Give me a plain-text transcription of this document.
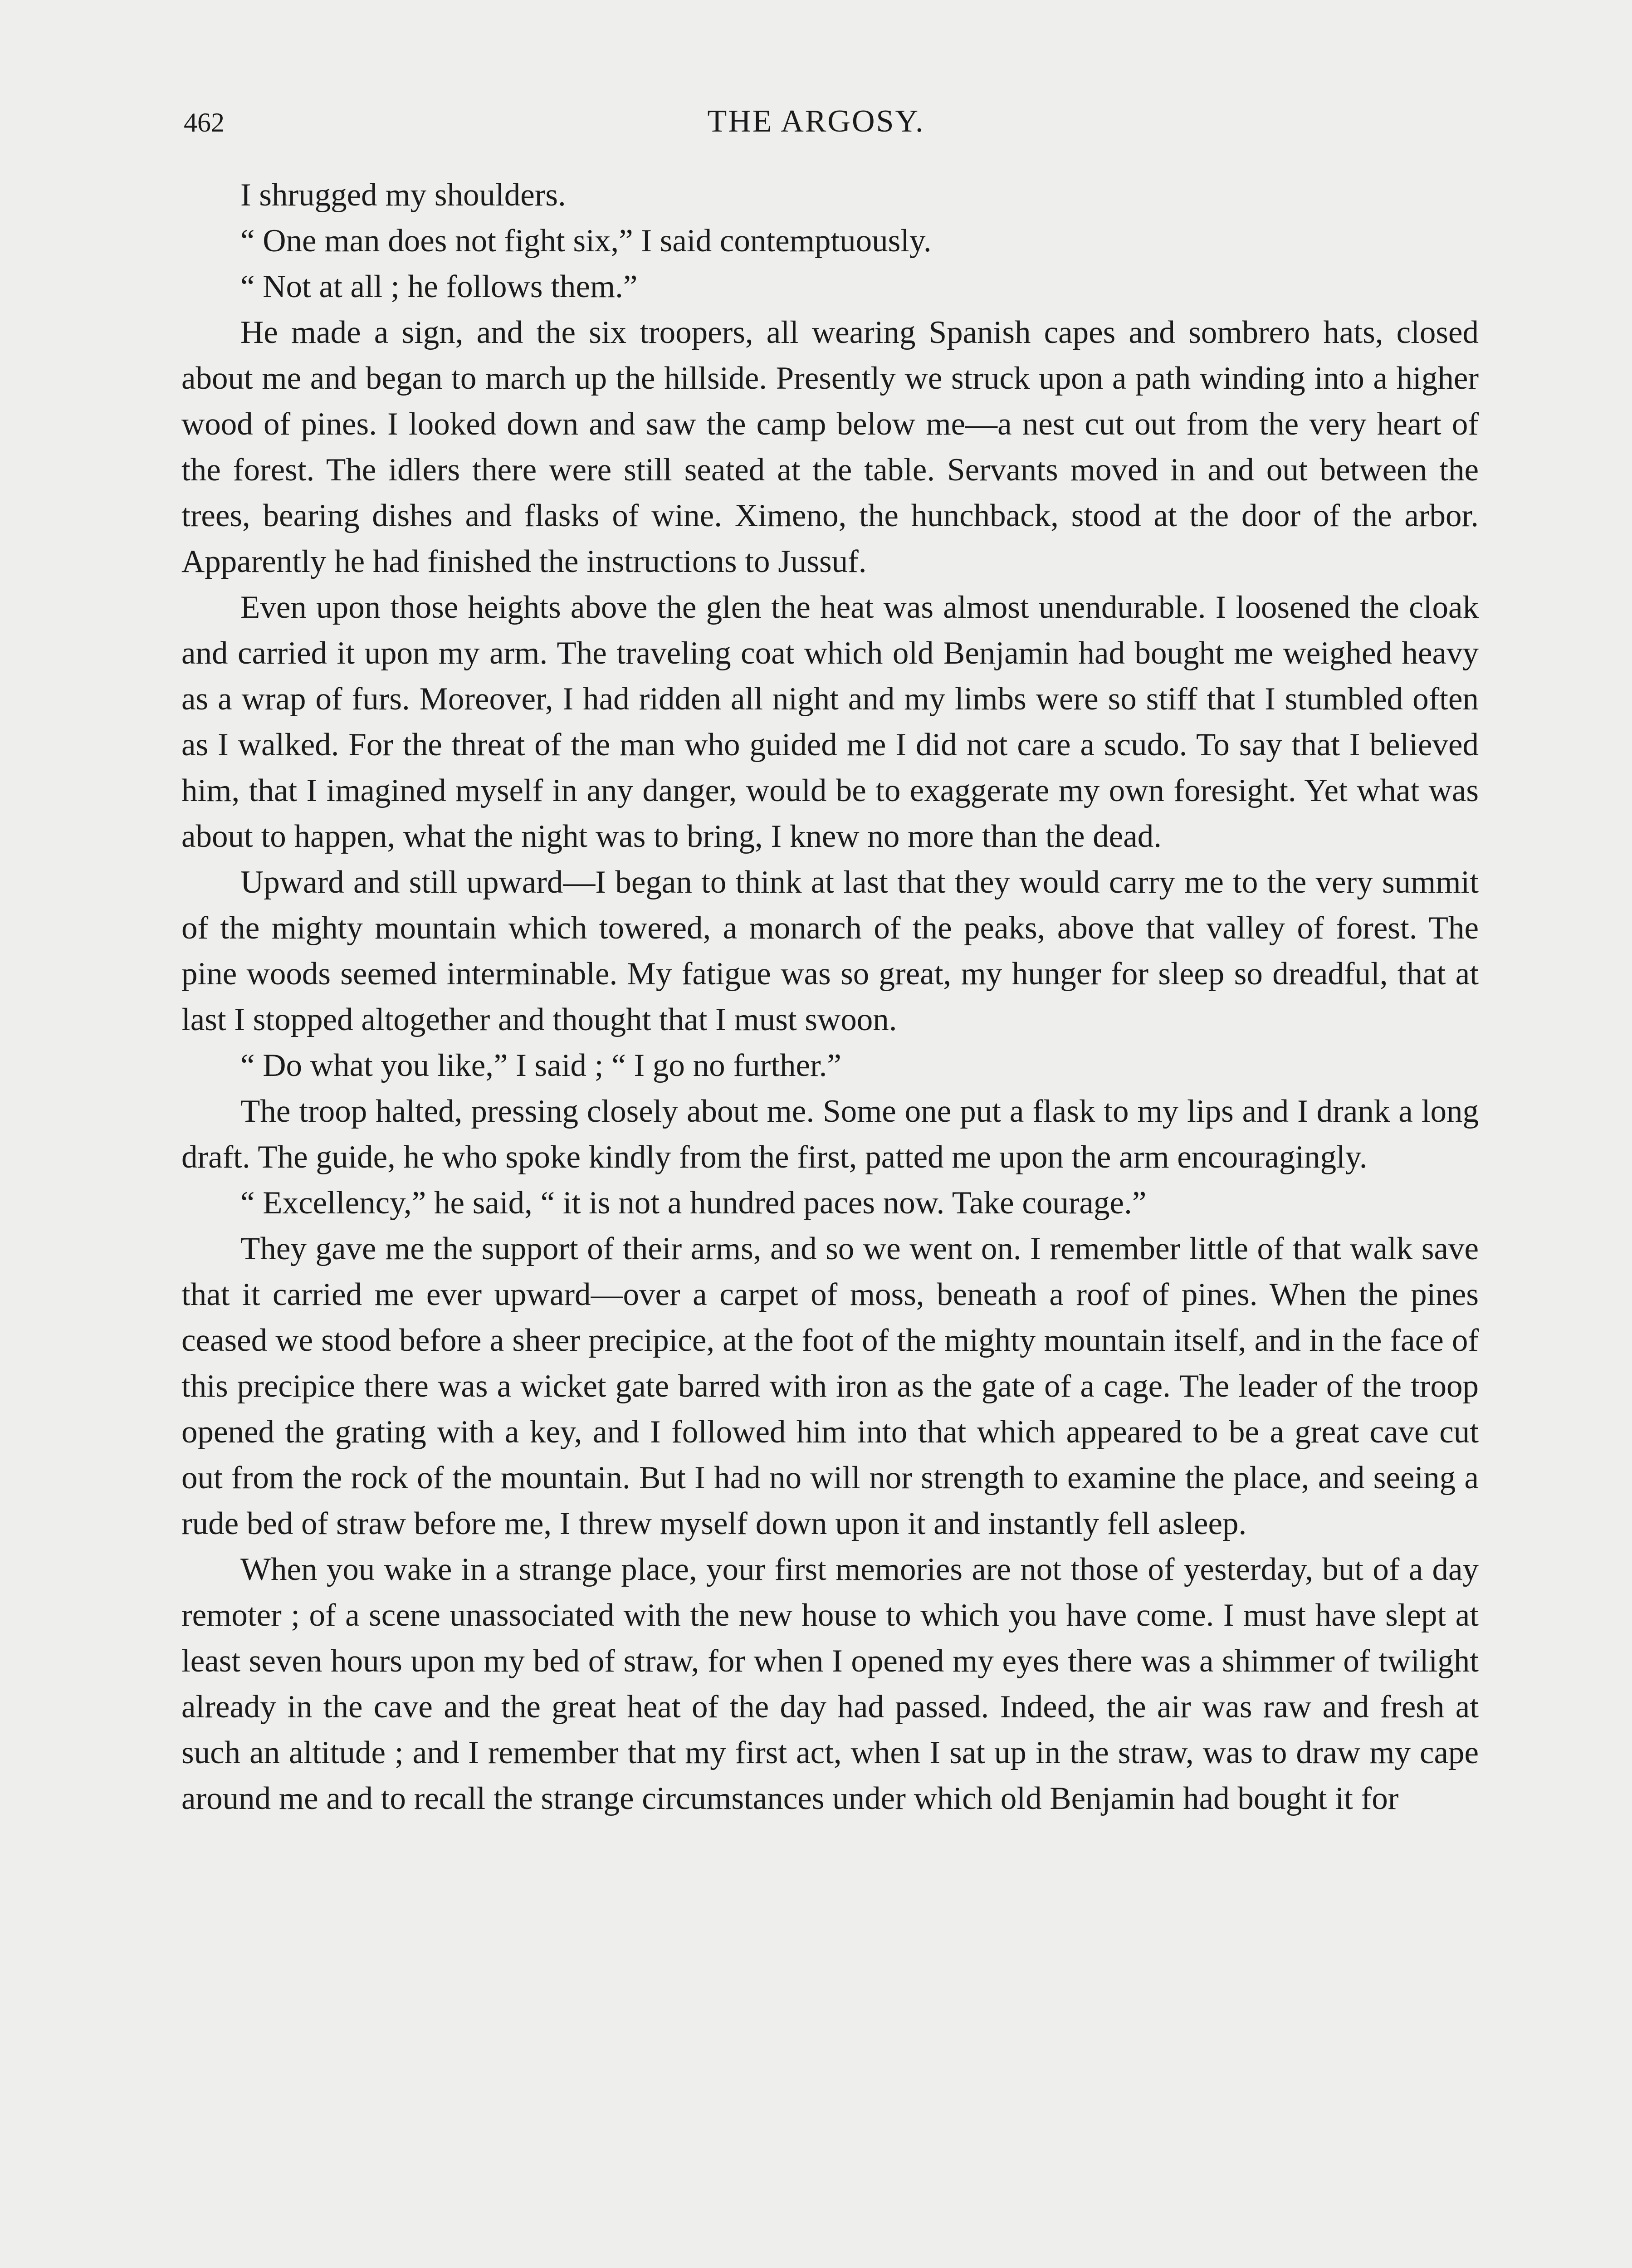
462	THE ARGOSY.

I shrugged my shoulders.

“ One man does not fight six,” I said contemptuously.

“ Not at all ; he follows them.”

He made a sign, and the six troopers, all wearing Spanish capes and sombrero hats, closed about me and began to march up the hillside. Presently we struck upon a path winding into a higher wood of pines. I looked down and saw the camp below me—a nest cut out from the very heart of the forest. The idlers there were still seated at the table. Servants moved in and out between the trees, bearing dishes and flasks of wine. Ximeno, the hunchback, stood at the door of the arbor. Apparently he had finished the instructions to Jussuf.

Even upon those heights above the glen the heat was almost unendurable. I loosened the cloak and carried it upon my arm. The traveling coat which old Benjamin had bought me weighed heavy as a wrap of furs. Moreover, I had ridden all night and my limbs were so stiff that I stumbled often as I walked. For the threat of the man who guided me I did not care a scudo. To say that I believed him, that I imagined myself in any danger, would be to exaggerate my own foresight. Yet what was about to happen, what the night was to bring, I knew no more than the dead.

Upward and still upward—I began to think at last that they would carry me to the very summit of the mighty mountain which towered, a monarch of the peaks, above that valley of forest. The pine woods seemed interminable. My fatigue was so great, my hunger for sleep so dreadful, that at last I stopped altogether and thought that I must swoon.

“ Do what you like,” I said ; “ I go no further.”

The troop halted, pressing closely about me. Some one put a flask to my lips and I drank a long draft. The guide, he who spoke kindly from the first, patted me upon the arm encouragingly.

“ Excellency,” he said, “ it is not a hundred paces now. Take courage.”

They gave me the support of their arms, and so we went on. I remember little of that walk save that it carried me ever upward—over a carpet of moss, beneath a roof of pines. When the pines ceased we stood before a sheer precipice, at the foot of the mighty mountain itself, and in the face of this precipice there was a wicket gate barred with iron as the gate of a cage. The leader of the troop opened the grating with a key, and I followed him into that which appeared to be a great cave cut out from the rock of the mountain. But I had no will nor strength to examine the place, and seeing a rude bed of straw before me, I threw myself down upon it and instantly fell asleep.

When you wake in a strange place, your first memories are not those of yesterday, but of a day remoter ; of a scene unassociated with the new house to which you have come. I must have slept at least seven hours upon my bed of straw, for when I opened my eyes there was a shimmer of twilight already in the cave and the great heat of the day had passed. Indeed, the air was raw and fresh at such an altitude ; and I remember that my first act, when I sat up in the straw, was to draw my cape around me and to recall the strange circumstances under which old Benjamin had bought it for
